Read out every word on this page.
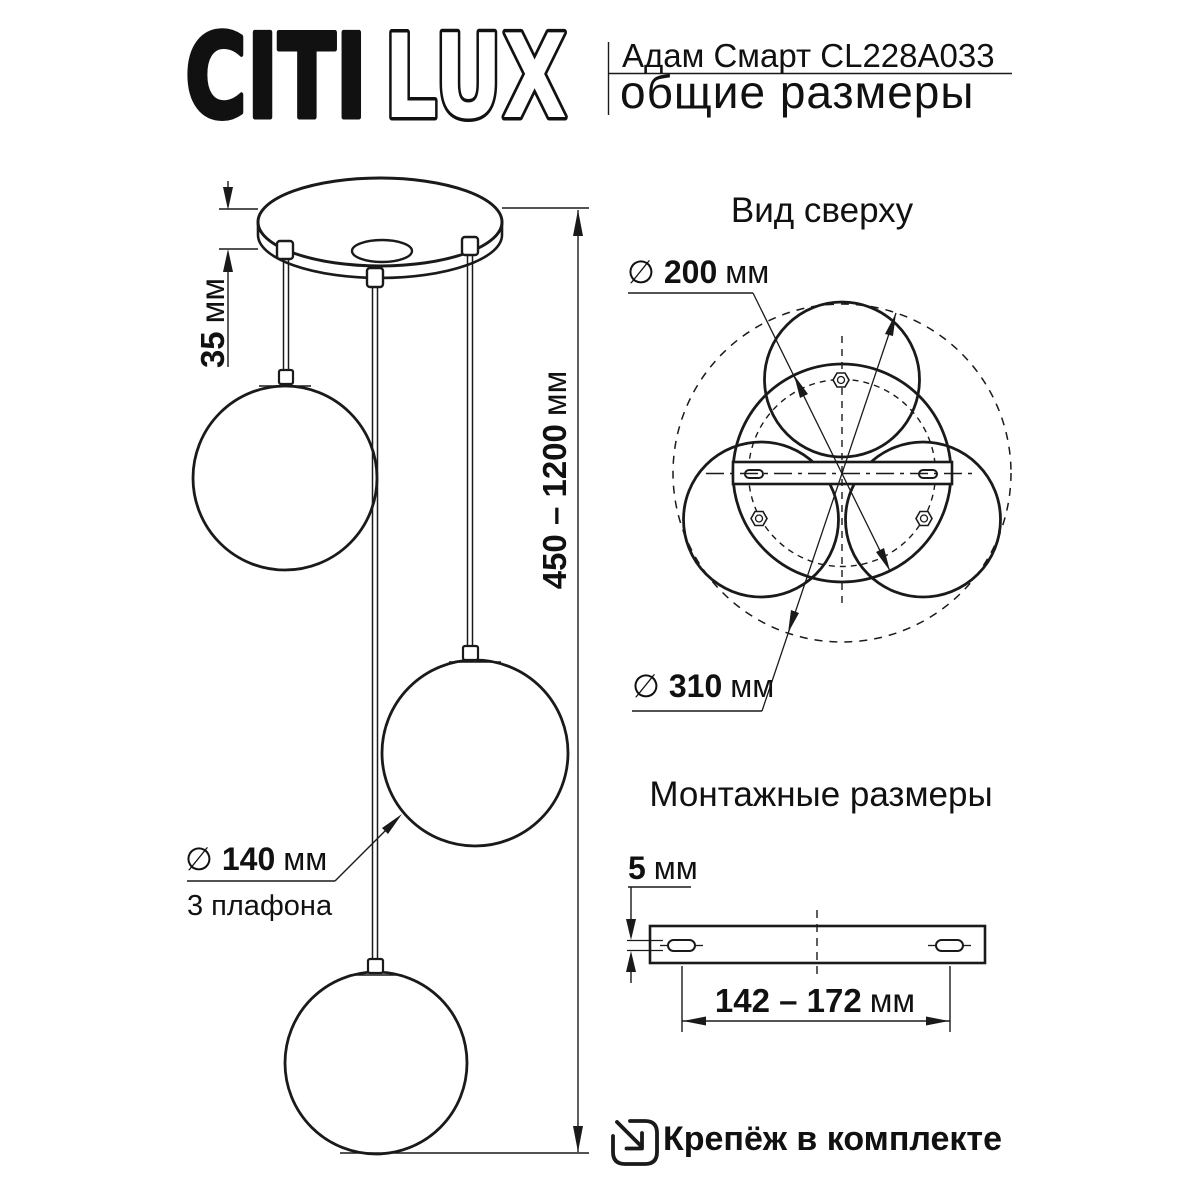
CITI LUX Адам Смарт CL228A033
общие размеры
35мм
450 – 1200мм
∅ 140 мм
3 плафона
Вид сверху
∅ 200 мм
∅ 310 мм
Монтажные размеры
5 мм
142 – 172 мм
Крепёж в комплекте
